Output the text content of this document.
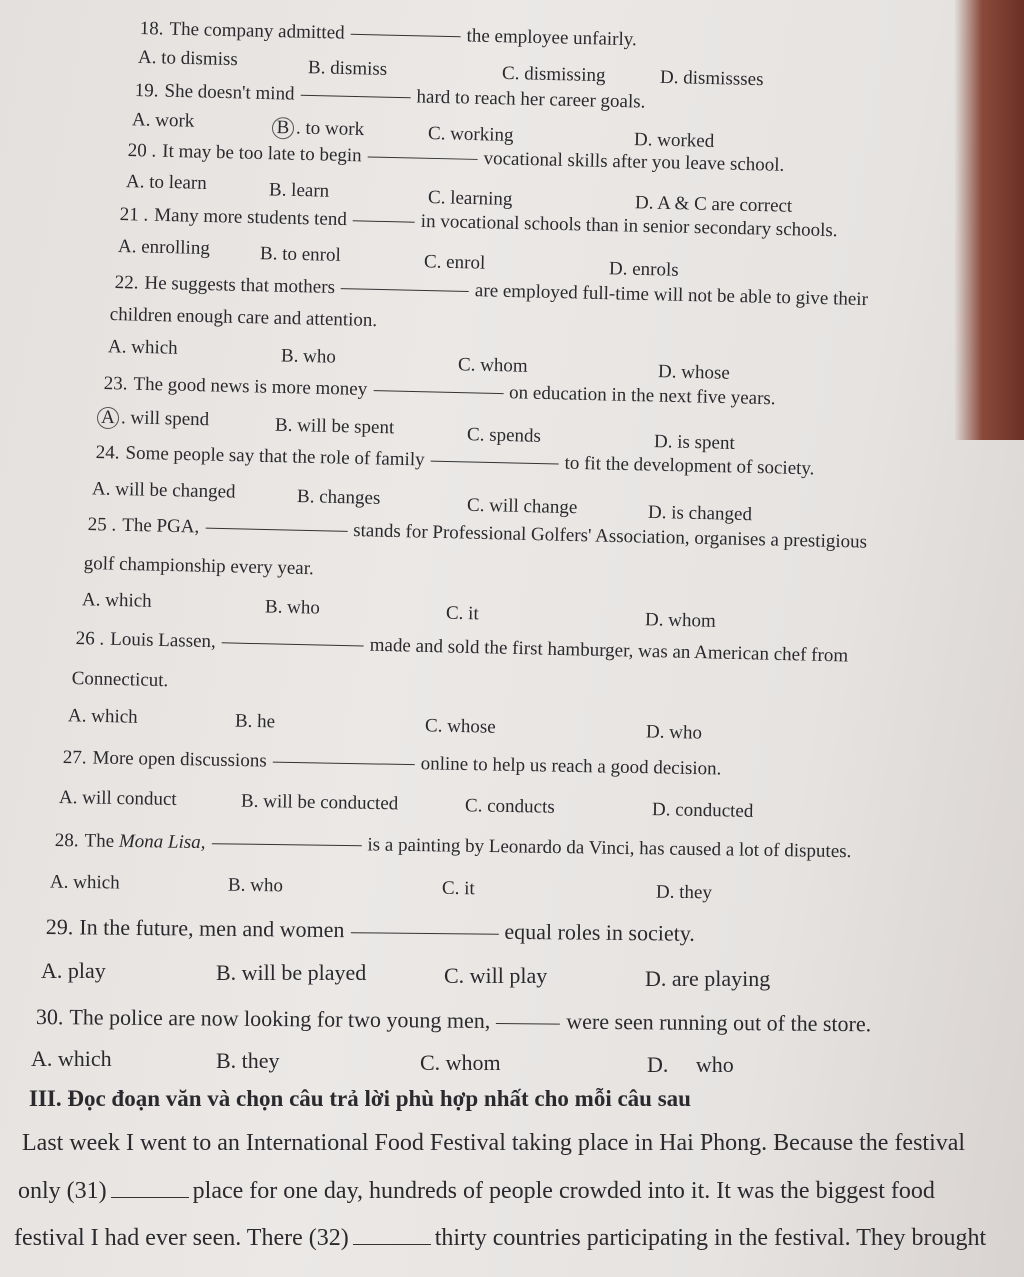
18. The company admitted	the employee unfairly.
A. to dismiss	B. dismiss	C. dismissing	D. dismissses
19. She doesn't mind	hard to reach her career goals.
A. work	B . to work	C. working	D. worked
20 . It may be too late to begin	vocational skills after you leave school.
A. to learn	B. learn	C. learning	D. A & C are correct
21 . Many more students tend	in vocational schools than in senior secondary schools.
A. enrolling	B. to enrol	C. enrol	D. enrols
22. He suggests that mothers	are employed full-time will not be able to give their
children enough care and attention.
A. which	B. who	C. whom	D. whose
23. The good news is more money	on education in the next five years.
A . will spend	B. will be spent	C. spends	D. is spent
24. Some people say that the role of family	to fit the development of society.
A. will be changed	B. changes	C. will change	D. is changed
25 . The PGA,	stands for Professional Golfers' Association, organises a prestigious
golf championship every year.
A. which	B. who	C. it	D. whom
26 . Louis Lassen,	made and sold the first hamburger, was an American chef from
Connecticut.
A. which	B. he	C. whose	D. who
27. More open discussions	online to help us reach a good decision.
A. will conduct	B. will be conducted	C. conducts	D. conducted
28. The Mona Lisa,	is a painting by Leonardo da Vinci, has caused a lot of disputes.
A. which	B. who	C. it	D. they
29. In the future, men and women	equal roles in society.
A. play	B. will be played	C. will play	D. are playing
30. The police are now looking for two young men,	were seen running out of the store.
A. which	B. they	C. whom	D.     who
III. Đọc đoạn văn và chọn câu trả lời phù hợp nhất cho mỗi câu sau
Last week I went to an International Food Festival taking place in Hai Phong. Because the festival
only (31)	place for one day, hundreds of people crowded into it. It was the biggest food
festival I had ever seen. There (32)	thirty countries participating in the festival. They brought
